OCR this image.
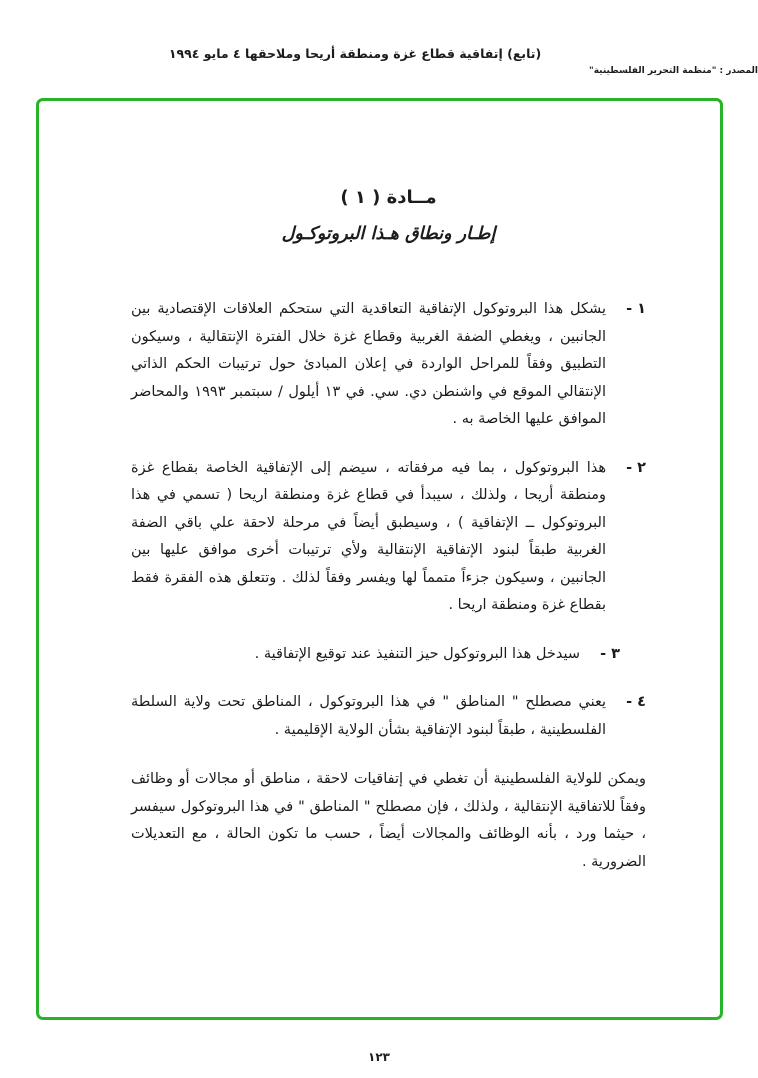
(تابع) إتفاقية قطاع غزة ومنطقة أريحا وملاحقها ٤ مايو ١٩٩٤
المصدر : "منظمة التحرير الفلسطينية"
مــادة ( ١ )
إطـار ونطاق هـذا البروتوكـول
١ -
يشكل هذا البروتوكول الإتفاقية التعاقدية التي ستحكم العلاقات الإقتصادية بين الجانبين ، ويغطي الضفة الغربية وقطاع غزة خلال الفترة الإنتقالية ، وسيكون التطبيق وفقاً للمراحل الواردة في إعلان المبادئ حول ترتيبات الحكم الذاتي الإنتقالي الموقع في واشنطن دي. سي. في ١٣ أيلول / سبتمبر ١٩٩٣ والمحاضر الموافق عليها الخاصة به .
٢ -
هذا البروتوكول ، بما فيه مرفقاته ، سيضم إلى الإتفاقية الخاصة بقطاع غزة ومنطقة أريحا ، ولذلك ، سيبدأ في قطاع غزة ومنطقة اريحا ( تسمي في هذا البروتوكول ــ الإتفاقية ) ، وسيطبق أيضاً في مرحلة لاحقة علي باقي الضفة الغربية طبقاً لبنود الإتفاقية الإنتقالية ولأي ترتيبات أخرى موافق عليها بين الجانبين ، وسيكون جزءاً متمماً لها ويفسر وفقاً لذلك . وتتعلق هذه الفقرة فقط بقطاع غزة ومنطقة اريحا .
٣ -
سيدخل هذا البروتوكول حيز التنفيذ عند توقيع الإتفاقية .
٤ -
يعني مصطلح " المناطق " في هذا البروتوكول ، المناطق تحت ولاية السلطة الفلسطينية ، طبقاً لبنود الإتفاقية بشأن الولاية الإقليمية .

ويمكن للولاية الفلسطينية أن تغطي في إتفاقيات لاحقة ، مناطق أو مجالات أو وظائف وفقاً للاتفاقية الإنتقالية ، ولذلك ، فإن مصطلح " المناطق " في هذا البروتوكول سيفسر ، حيثما ورد ، بأنه الوظائف والمجالات أيضاً ، حسب ما تكون الحالة ، مع التعديلات الضرورية .

١٢٣
